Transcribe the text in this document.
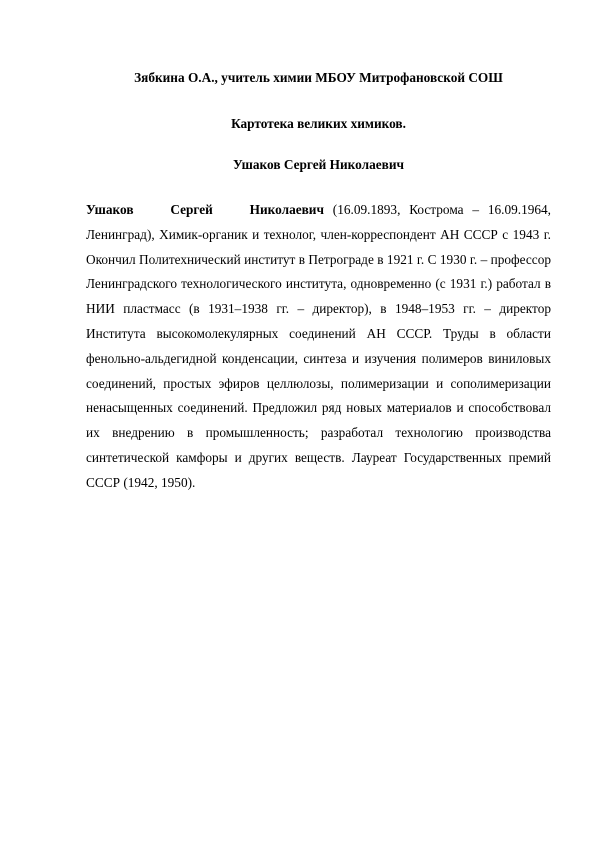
Зябкина О.А., учитель химии МБОУ Митрофановской СОШ

Картотека великих химиков.

Ушаков Сергей Николаевич

Ушаков Сергей Николаевич (16.09.1893, Кострома – 16.09.1964, Ленинград), Химик-органик и технолог, член-корреспондент АН СССР с 1943 г. Окончил Политехнический институт в Петрограде в 1921 г. С 1930 г. – профессор Ленинградского технологического института, одновременно (с 1931 г.) работал в НИИ пластмасс (в 1931–1938 гг. – директор), в 1948–1953 гг. – директор Института высокомолекулярных соединений АН СССР. Труды в области фенольно-альдегидной конденсации, синтеза и изучения полимеров виниловых соединений, простых эфиров целлюлозы, полимеризации и сополимеризации ненасыщенных соединений. Предложил ряд новых материалов и способствовал их внедрению в промышленность; разработал технологию производства синтетической камфоры и других веществ. Лауреат Государственных премий СССР (1942, 1950).
